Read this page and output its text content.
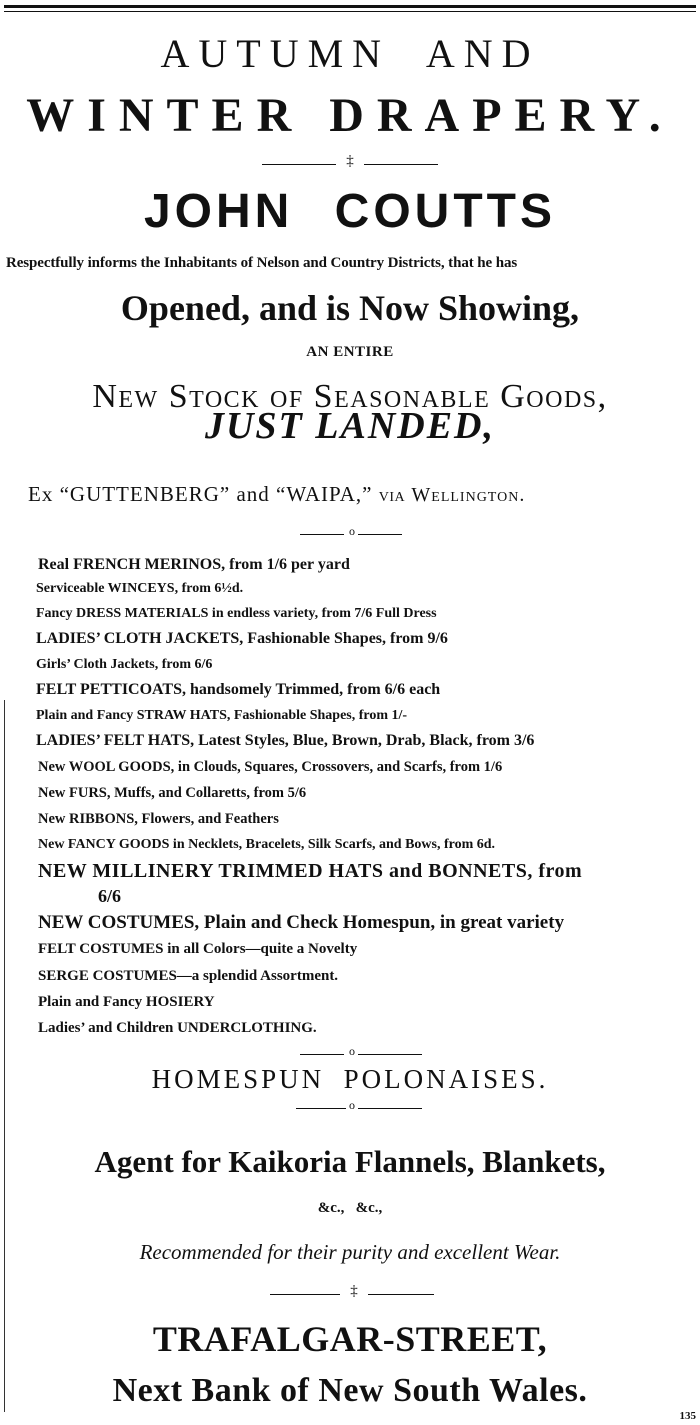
AUTUMN  AND
WINTER DRAPERY.
‡
JOHN COUTTS
Respectfully informs the Inhabitants of Nelson and Country Districts, that he has
Opened, and is Now Showing,
AN ENTIRE
New Stock of Seasonable Goods,
JUST LANDED,
Ex “GUTTENBERG” and “WAIPA,” VIA Wellington.
o
Real FRENCH MERINOS, from 1/6 per yard
Serviceable WINCEYS, from 6½d.
Fancy DRESS MATERIALS in endless variety, from 7/6 Full Dress
LADIES’ CLOTH JACKETS, Fashionable Shapes, from 9/6
Girls’ Cloth Jackets, from 6/6
FELT PETTICOATS, handsomely Trimmed, from 6/6 each
Plain and Fancy STRAW HATS, Fashionable Shapes, from 1/-
LADIES’ FELT HATS, Latest Styles, Blue, Brown, Drab, Black, from 3/6
New WOOL GOODS, in Clouds, Squares, Crossovers, and Scarfs, from 1/6
New FURS, Muffs, and Collaretts, from 5/6
New RIBBONS, Flowers, and Feathers
New FANCY GOODS in Necklets, Bracelets, Silk Scarfs, and Bows, from 6d.
NEW MILLINERY TRIMMED HATS and BONNETS, from
6/6
NEW COSTUMES, Plain and Check Homespun, in great variety
FELT COSTUMES in all Colors—quite a Novelty
SERGE COSTUMES—a splendid Assortment.
Plain and Fancy HOSIERY
Ladies’ and Children UNDERCLOTHING.
o
HOMESPUN  POLONAISES.
o
Agent for Kaikoria Flannels, Blankets,
&c.,   &c.,
Recommended for their purity and excellent Wear.
‡
TRAFALGAR-STREET,
Next Bank of New South Wales.
135
